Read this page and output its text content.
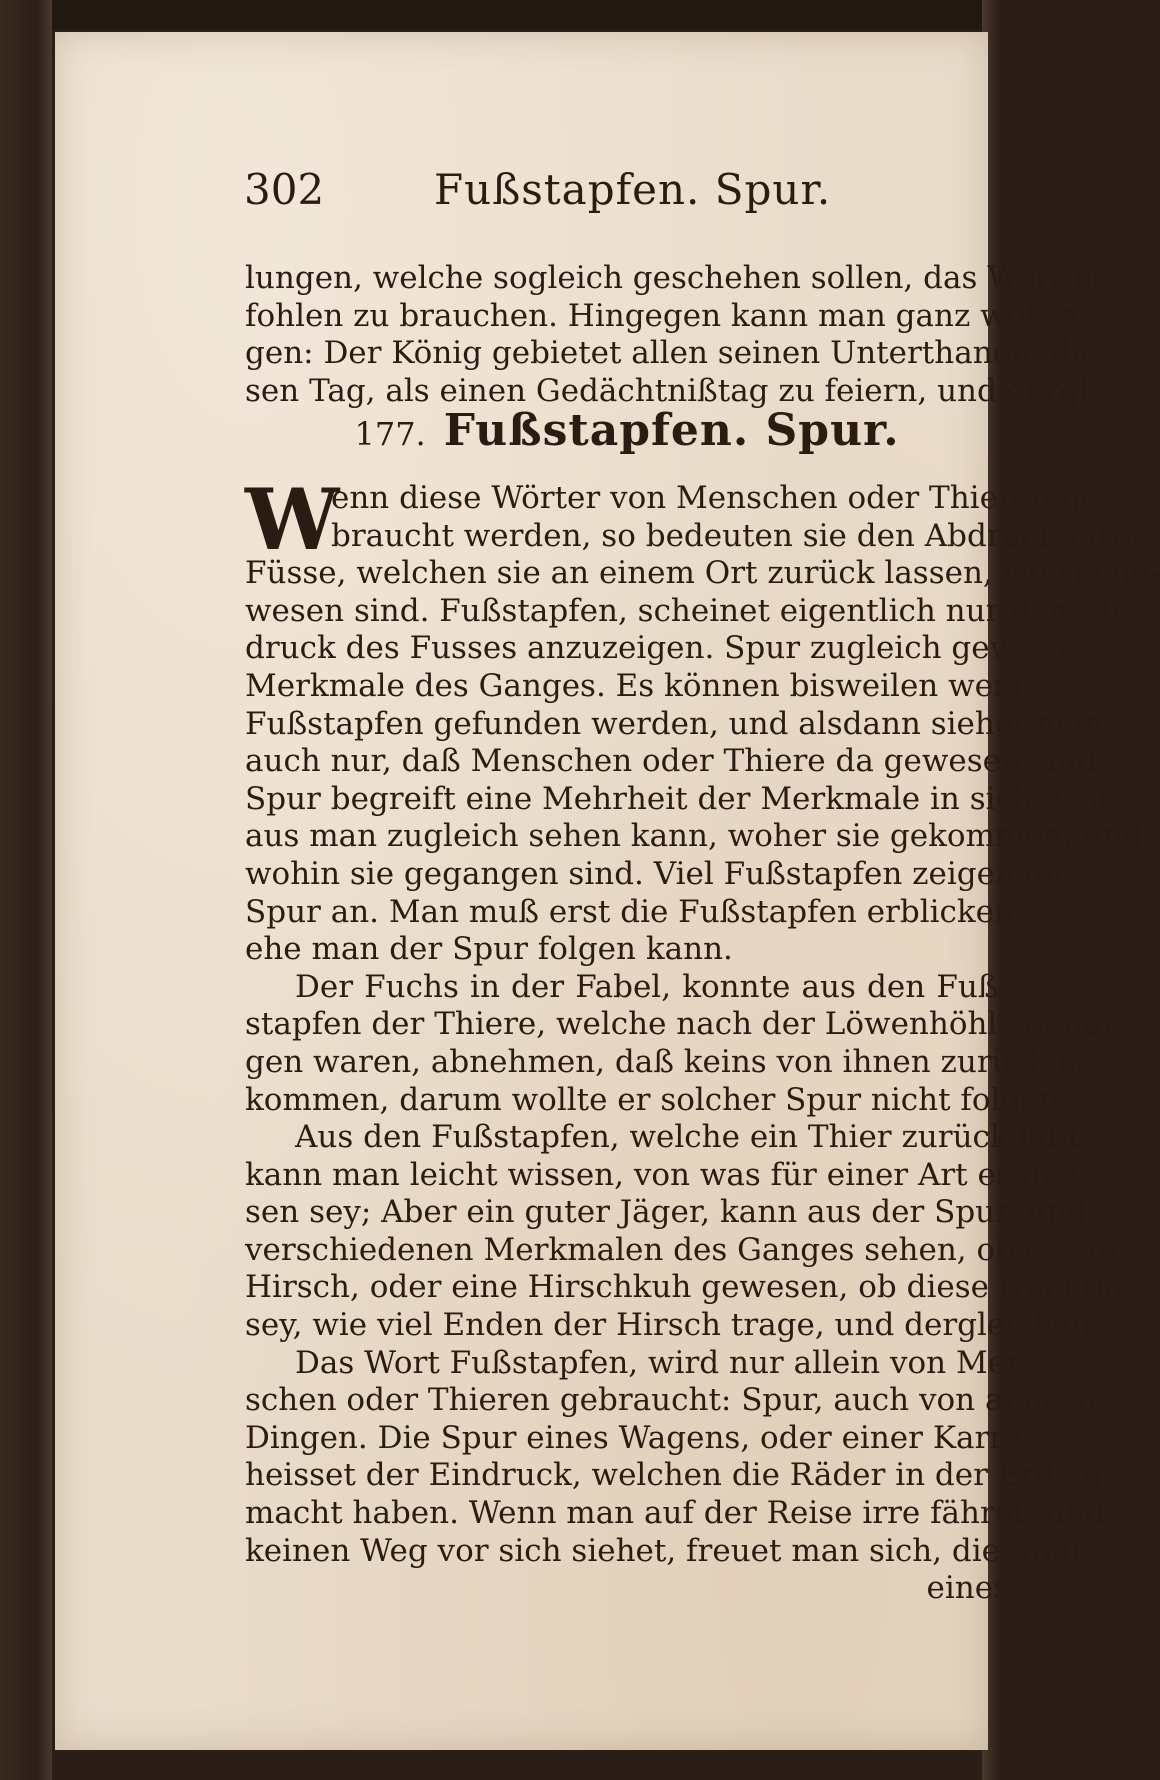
302	Fußstapfen. Spur.
lungen, welche sogleich geschehen sollen, das Wort be-
fohlen zu brauchen. Hingegen kann man ganz wol sa-
gen: Der König gebietet allen seinen Unterthanen, die-
sen Tag, als einen Gedächtnißtag zu feiern, und dergl.
177. Fußstapfen. Spur.
W
enn diese Wörter von Menschen oder Thieren ge-
braucht werden, so bedeuten sie den Abdruck ihrer
Füsse, welchen sie an einem Ort zurück lassen, wo sie ge-
wesen sind. Fußstapfen, scheinet eigentlich nur den Ab-
druck des Fusses anzuzeigen. Spur zugleich gewisse
Merkmale des Ganges. Es können bisweilen wenig
Fußstapfen gefunden werden, und alsdann siehet man
auch nur, daß Menschen oder Thiere da gewesen sind.
Spur begreift eine Mehrheit der Merkmale in sich, wor-
aus man zugleich sehen kann, woher sie gekommen, und
wohin sie gegangen sind. Viel Fußstapfen zeigen die
Spur an. Man muß erst die Fußstapfen erblicken,
ehe man der Spur folgen kann.
Der Fuchs in der Fabel, konnte aus den Fuß-
stapfen der Thiere, welche nach der Löwenhöhle gegan-
gen waren, abnehmen, daß keins von ihnen zurück ge-
kommen, darum wollte er solcher Spur nicht folgen.
Aus den Fußstapfen, welche ein Thier zurück läßt,
kann man leicht wissen, von was für einer Art es gewe-
sen sey; Aber ein guter Jäger, kann aus der Spur, und
verschiedenen Merkmalen des Ganges sehen, ob es ein
Hirsch, oder eine Hirschkuh gewesen, ob diese trächtig
sey, wie viel Enden der Hirsch trage, und dergleichen.
Das Wort Fußstapfen, wird nur allein von Men-
schen oder Thieren gebraucht: Spur, auch von andern
Dingen. Die Spur eines Wagens, oder einer Karre,
heisset der Eindruck, welchen die Räder in der Erde ge-
macht haben. Wenn man auf der Reise irre fähret, und
keinen Weg vor sich siehet, freuet man sich, die Spur
eines
